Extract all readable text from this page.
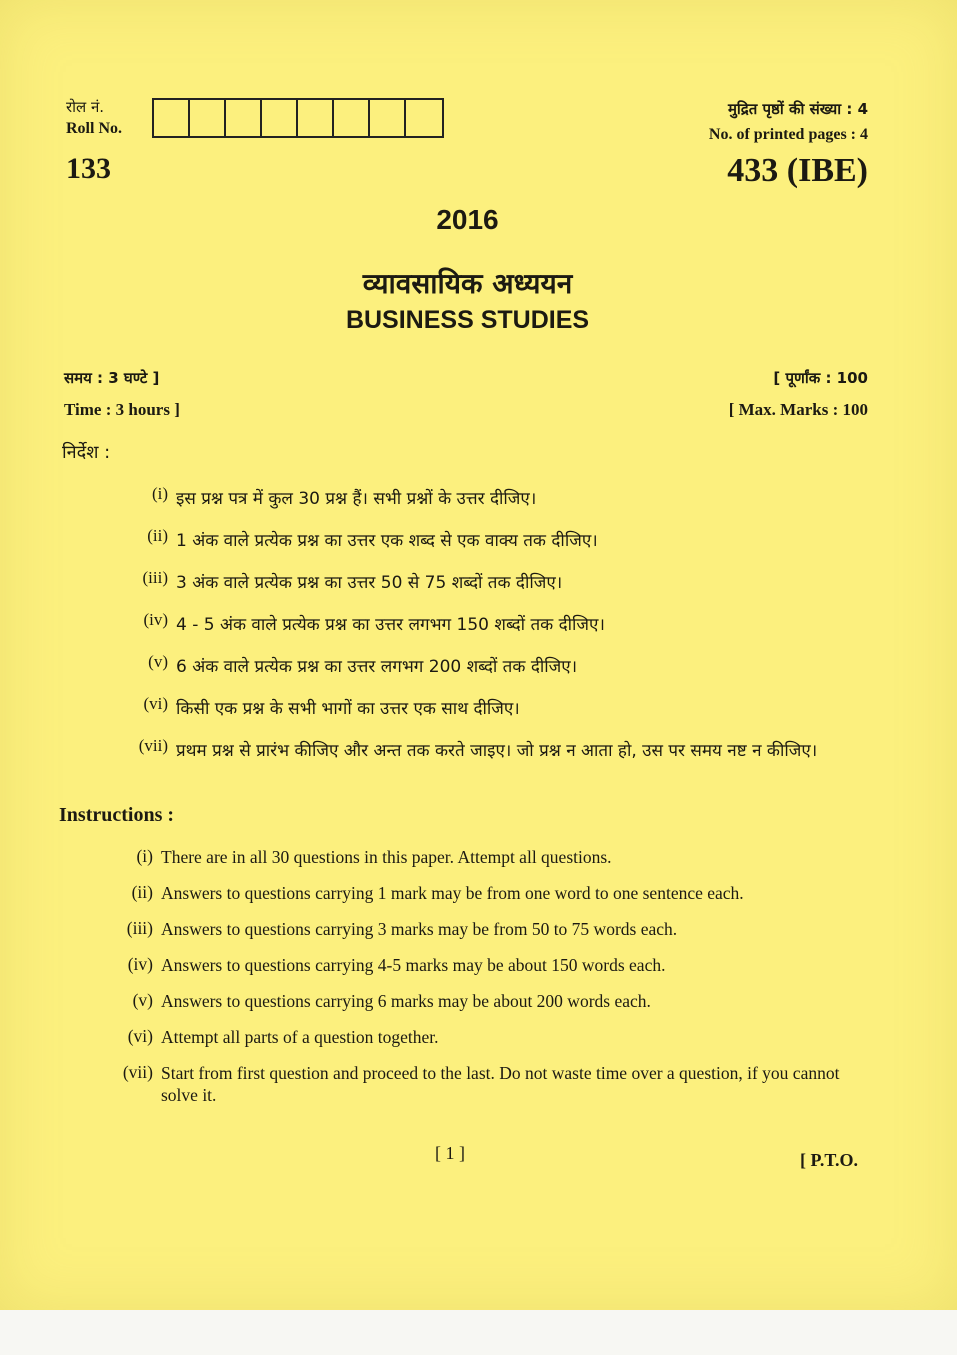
रोल नं.
Roll No.
133
मुद्रित पृष्ठों की संख्या : 4
No. of printed pages : 4
433 (IBE)
2016
व्यावसायिक अध्ययन
BUSINESS STUDIES
समय : 3 घण्टे ]
Time : 3 hours ]
[ पूर्णांक : 100
[ Max. Marks : 100
निर्देश :
(i) इस प्रश्न पत्र में कुल 30 प्रश्न हैं। सभी प्रश्नों के उत्तर दीजिए।
(ii) 1 अंक वाले प्रत्येक प्रश्न का उत्तर एक शब्द से एक वाक्य तक दीजिए।
(iii) 3 अंक वाले प्रत्येक प्रश्न का उत्तर 50 से 75 शब्दों तक दीजिए।
(iv) 4 - 5 अंक वाले प्रत्येक प्रश्न का उत्तर लगभग 150 शब्दों तक दीजिए।
(v) 6 अंक वाले प्रत्येक प्रश्न का उत्तर लगभग 200 शब्दों तक दीजिए।
(vi) किसी एक प्रश्न के सभी भागों का उत्तर एक साथ दीजिए।
(vii) प्रथम प्रश्न से प्रारंभ कीजिए और अन्त तक करते जाइए। जो प्रश्न न आता हो, उस पर समय नष्ट न कीजिए।
Instructions :
(i) There are in all 30 questions in this paper. Attempt all questions.
(ii) Answers to questions carrying 1 mark may be from one word to one sentence each.
(iii) Answers to questions carrying 3 marks may be from 50 to 75 words each.
(iv) Answers to questions carrying 4-5 marks may be about 150 words each.
(v) Answers to questions carrying 6 marks may be about 200 words each.
(vi) Attempt all parts of a question together.
(vii) Start from first question and proceed to the last. Do not waste time over a question, if you cannot solve it.
[ 1 ]	[ P.T.O.
